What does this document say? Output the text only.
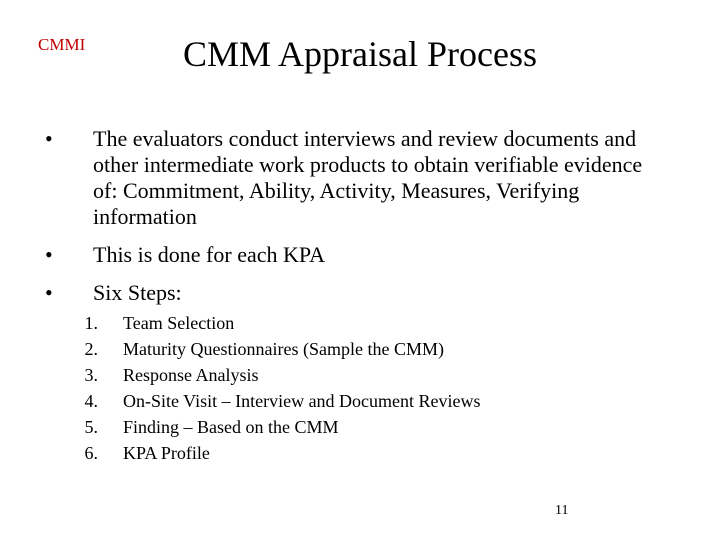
CMMI	CMM Appraisal Process
• The evaluators conduct interviews and review documents and other intermediate work products to obtain verifiable evidence of: Commitment, Ability, Activity, Measures, Verifying information
• This is done for each KPA
• Six Steps:
1. Team Selection
2. Maturity Questionnaires (Sample the CMM)
3. Response Analysis
4. On-Site Visit – Interview and Document Reviews
5. Finding – Based on the CMM
6. KPA Profile
11
